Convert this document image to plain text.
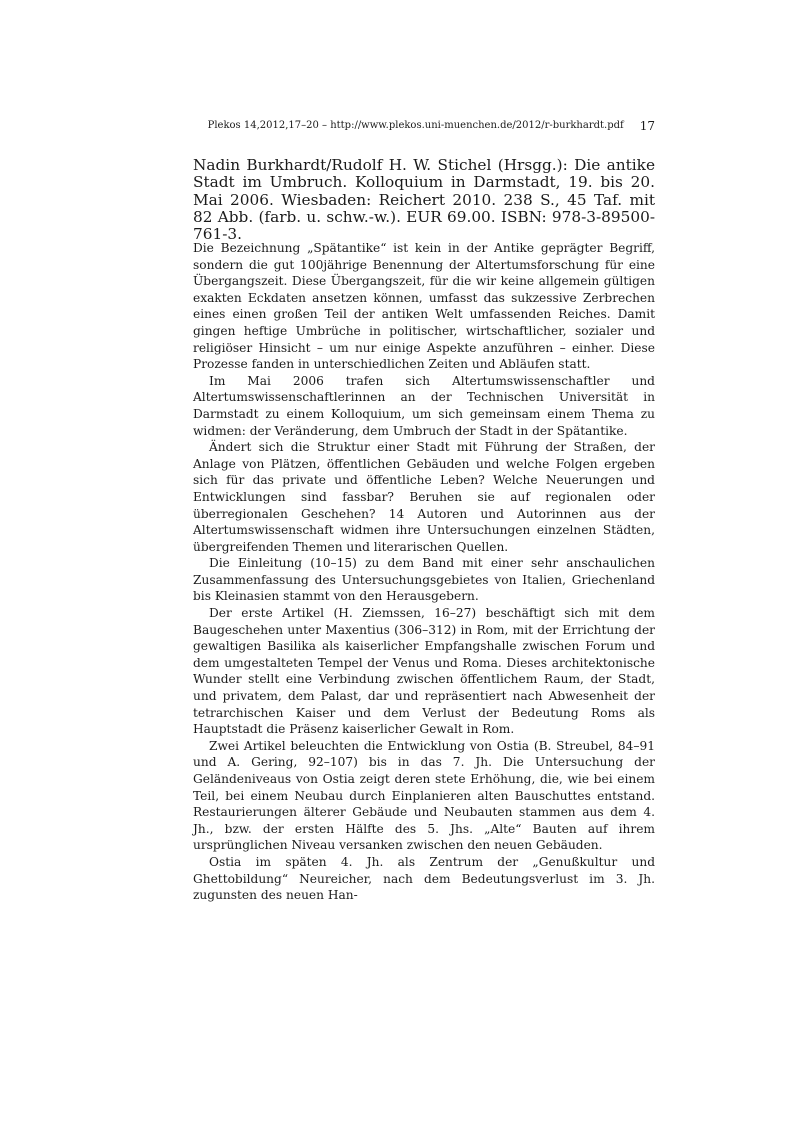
Plekos 14,2012,17–20 – http://www.plekos.uni-muenchen.de/2012/r-burkhardt.pdf 17
Nadin Burkhardt/Rudolf H. W. Stichel (Hrsgg.): Die antike Stadt im Umbruch. Kolloquium in Darmstadt, 19. bis 20. Mai 2006. Wiesbaden: Reichert 2010. 238 S., 45 Taf. mit 82 Abb. (farb. u. schw.-w.). EUR 69.00. ISBN: 978-3-89500-761-3.

Die Bezeichnung „Spätantike“ ist kein in der Antike geprägter Begriff, sondern die gut 100jährige Benennung der Altertumsforschung für eine Übergangszeit. Diese Übergangszeit, für die wir keine allgemein gültigen exakten Eckdaten ansetzen können, umfasst das sukzessive Zerbrechen eines einen großen Teil der antiken Welt umfassenden Reiches. Damit gingen heftige Umbrüche in politischer, wirtschaftlicher, sozialer und religiöser Hinsicht – um nur einige Aspekte anzuführen – einher. Diese Prozesse fanden in unterschiedlichen Zeiten und Abläufen statt.

Im Mai 2006 trafen sich Altertumswissenschaftler und Altertumswissenschaftlerinnen an der Technischen Universität in Darmstadt zu einem Kolloquium, um sich gemeinsam einem Thema zu widmen: der Veränderung, dem Umbruch der Stadt in der Spätantike.

Ändert sich die Struktur einer Stadt mit Führung der Straßen, der Anlage von Plätzen, öffentlichen Gebäuden und welche Folgen ergeben sich für das private und öffentliche Leben? Welche Neuerungen und Entwicklungen sind fassbar? Beruhen sie auf regionalen oder überregionalen Geschehen? 14 Autoren und Autorinnen aus der Altertumswissenschaft widmen ihre Untersuchungen einzelnen Städten, übergreifenden Themen und literarischen Quellen.

Die Einleitung (10–15) zu dem Band mit einer sehr anschaulichen Zusammenfassung des Untersuchungsgebietes von Italien, Griechenland bis Kleinasien stammt von den Herausgebern.

Der erste Artikel (H. Ziemssen, 16–27) beschäftigt sich mit dem Baugeschehen unter Maxentius (306–312) in Rom, mit der Errichtung der gewaltigen Basilika als kaiserlicher Empfangshalle zwischen Forum und dem umgestalteten Tempel der Venus und Roma. Dieses architektonische Wunder stellt eine Verbindung zwischen öffentlichem Raum, der Stadt, und privatem, dem Palast, dar und repräsentiert nach Abwesenheit der tetrarchischen Kaiser und dem Verlust der Bedeutung Roms als Hauptstadt die Präsenz kaiserlicher Gewalt in Rom.

Zwei Artikel beleuchten die Entwicklung von Ostia (B. Streubel, 84–91 und A. Gering, 92–107) bis in das 7. Jh. Die Untersuchung der Geländeniveaus von Ostia zeigt deren stete Erhöhung, die, wie bei einem Teil, bei einem Neubau durch Einplanieren alten Bauschuttes entstand. Restaurierungen älterer Gebäude und Neubauten stammen aus dem 4. Jh., bzw. der ersten Hälfte des 5. Jhs. „Alte“ Bauten auf ihrem ursprünglichen Niveau versanken zwischen den neuen Gebäuden.

Ostia im späten 4. Jh. als Zentrum der „Genußkultur und Ghettobildung“ Neureicher, nach dem Bedeutungsverlust im 3. Jh. zugunsten des neuen Han-
